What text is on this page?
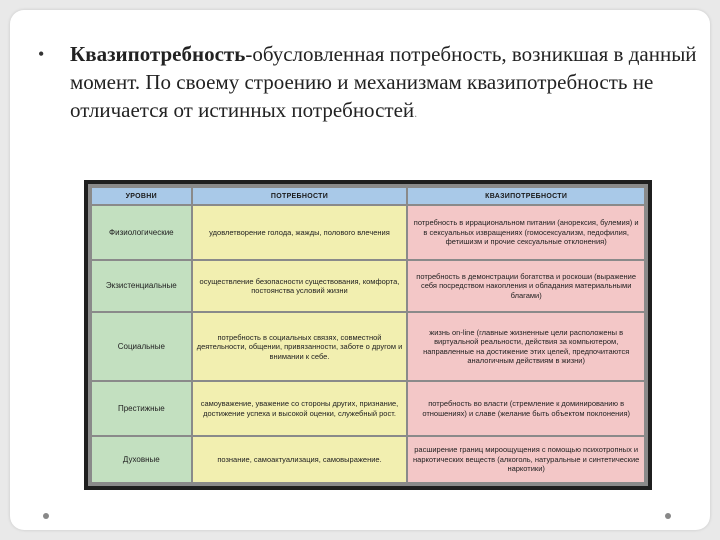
• Квазипотребность-обусловленная потребность, возникшая в данный момент. По своему строению и механизмам квазипотребность не отличается от истинных потребностей.
УРОВНИ	ПОТРЕБНОСТИ	КВАЗИПОТРЕБНОСТИ
Физиологические	удовлетворение голода, жажды, полового влечения	потребность в иррациональном питании (анорексия, булемия) и в сексуальных извращениях (гомосексуализм, педофилия, фетишизм и прочие сексуальные отклонения)
Экзистенциальные	осуществление безопасности существования, комфорта, постоянства условий жизни	потребность в демонстрации богатства и роскоши (выражение себя посредством накопления и обладания материальными благами)
Социальные	потребность в социальных связях, совместной деятельности, общении, привязанности, заботе о другом и внимании к себе.	жизнь on-line (главные жизненные цели расположены в виртуальной реальности, действия за компьютером, направленные на достижение этих целей, предпочитаются аналогичным действиям в жизни)
Престижные	самоуважение, уважение со стороны других, признание, достижение успеха и высокой оценки, служебный рост.	потребность во власти (стремление к доминированию в отношениях) и славе (желание быть объектом поклонения)
Духовные	познание, самоактуализация, самовыражение.	расширение границ мироощущения с помощью психотропных и наркотических веществ (алкоголь, натуральные и синтетические наркотики)
